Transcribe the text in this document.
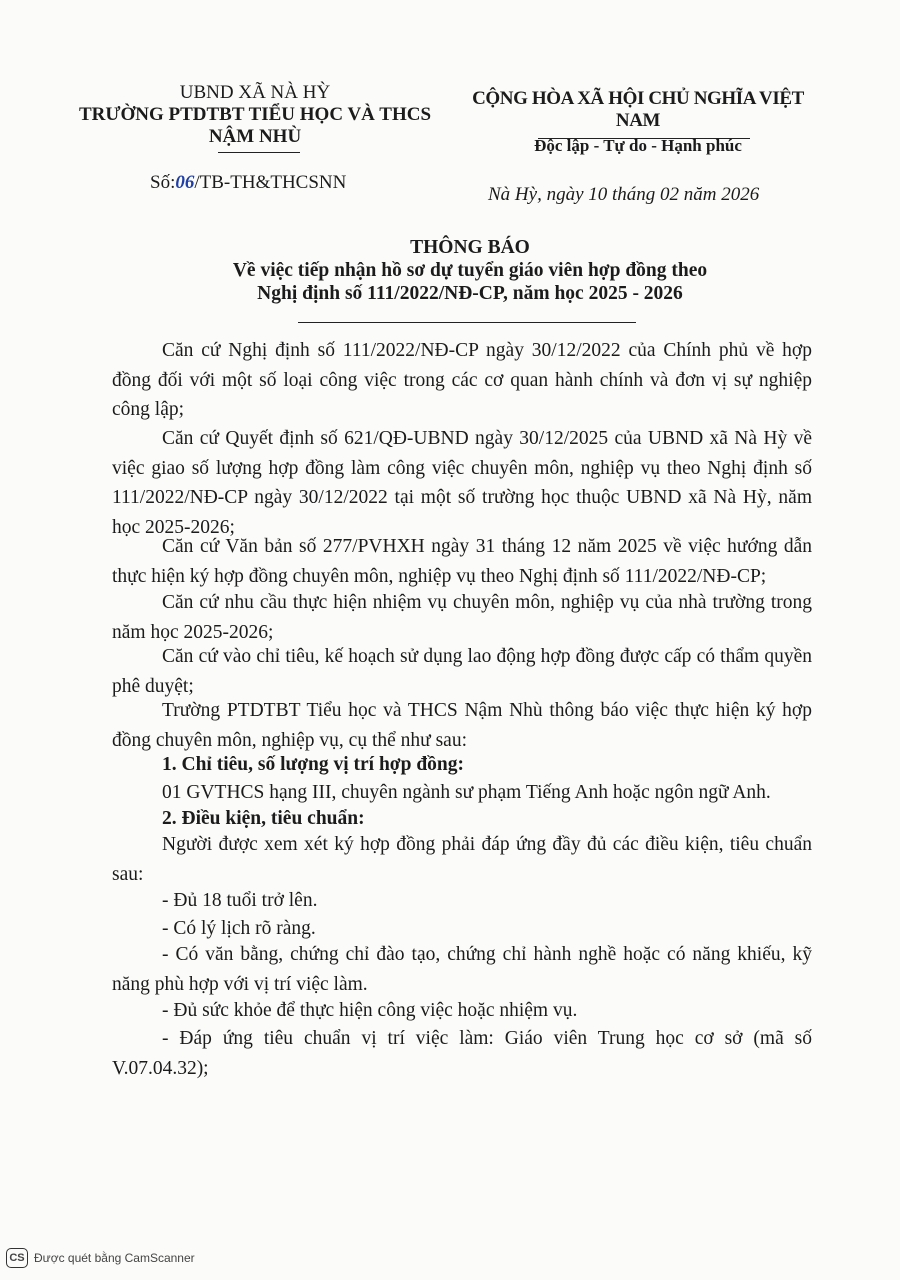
UBND XÃ NÀ HỲ
TRƯỜNG PTDTBT TIỂU HỌC VÀ THCS
NẬM NHÙ
CỘNG HÒA XÃ HỘI CHỦ NGHĨA VIỆT NAM
Độc lập - Tự do - Hạnh phúc
Số:06/TB-TH&THCSNN
Nà Hỳ, ngày 10 tháng 02 năm 2026
THÔNG BÁO
Về việc tiếp nhận hồ sơ dự tuyển giáo viên hợp đồng theo
Nghị định số 111/2022/NĐ-CP, năm học 2025 - 2026
Căn cứ Nghị định số 111/2022/NĐ-CP ngày 30/12/2022 của Chính phủ về hợp đồng đối với một số loại công việc trong các cơ quan hành chính và đơn vị sự nghiệp công lập;
Căn cứ Quyết định số 621/QĐ-UBND ngày 30/12/2025 của UBND xã Nà Hỳ về việc giao số lượng hợp đồng làm công việc chuyên môn, nghiệp vụ theo Nghị định số 111/2022/NĐ-CP ngày 30/12/2022 tại một số trường học thuộc UBND xã Nà Hỳ, năm học 2025-2026;
Căn cứ Văn bản số 277/PVHXH ngày 31 tháng 12 năm 2025 về việc hướng dẫn thực hiện ký hợp đồng chuyên môn, nghiệp vụ theo Nghị định số 111/2022/NĐ-CP;
Căn cứ nhu cầu thực hiện nhiệm vụ chuyên môn, nghiệp vụ của nhà trường trong năm học 2025-2026;
Căn cứ vào chỉ tiêu, kế hoạch sử dụng lao động hợp đồng được cấp có thẩm quyền phê duyệt;
Trường PTDTBT Tiểu học và THCS Nậm Nhù thông báo việc thực hiện ký hợp đồng chuyên môn, nghiệp vụ, cụ thể như sau:
1. Chỉ tiêu, số lượng vị trí hợp đồng:
01 GVTHCS hạng III, chuyên ngành sư phạm Tiếng Anh hoặc ngôn ngữ Anh.
2. Điều kiện, tiêu chuẩn:
Người được xem xét ký hợp đồng phải đáp ứng đầy đủ các điều kiện, tiêu chuẩn sau:
- Đủ 18 tuổi trở lên.
- Có lý lịch rõ ràng.
- Có văn bằng, chứng chỉ đào tạo, chứng chỉ hành nghề hoặc có năng khiếu, kỹ năng phù hợp với vị trí việc làm.
- Đủ sức khỏe để thực hiện công việc hoặc nhiệm vụ.
- Đáp ứng tiêu chuẩn vị trí việc làm: Giáo viên Trung học cơ sở (mã số V.07.04.32);
CS Được quét bằng CamScanner
